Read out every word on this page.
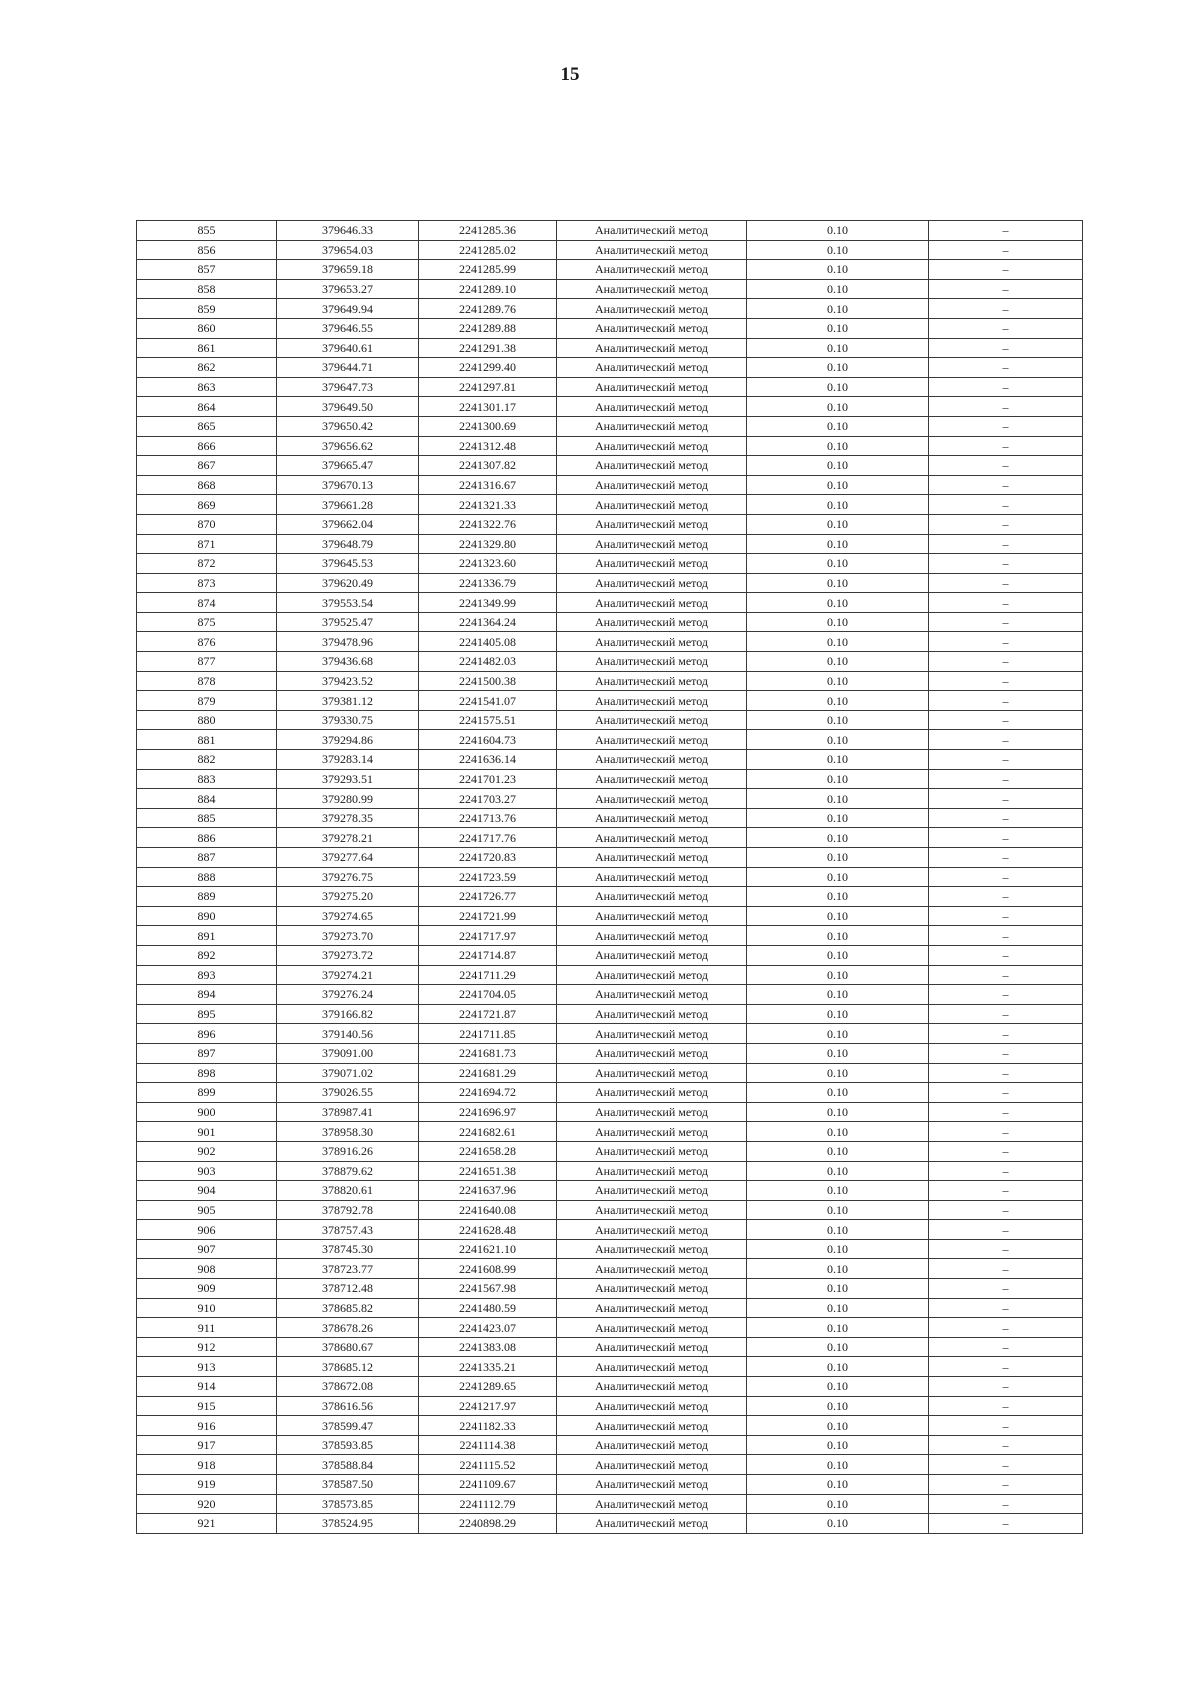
15
855	379646.33	2241285.36	Аналитический метод	0.10	–
856	379654.03	2241285.02	Аналитический метод	0.10	–
857	379659.18	2241285.99	Аналитический метод	0.10	–
858	379653.27	2241289.10	Аналитический метод	0.10	–
859	379649.94	2241289.76	Аналитический метод	0.10	–
860	379646.55	2241289.88	Аналитический метод	0.10	–
861	379640.61	2241291.38	Аналитический метод	0.10	–
862	379644.71	2241299.40	Аналитический метод	0.10	–
863	379647.73	2241297.81	Аналитический метод	0.10	–
864	379649.50	2241301.17	Аналитический метод	0.10	–
865	379650.42	2241300.69	Аналитический метод	0.10	–
866	379656.62	2241312.48	Аналитический метод	0.10	–
867	379665.47	2241307.82	Аналитический метод	0.10	–
868	379670.13	2241316.67	Аналитический метод	0.10	–
869	379661.28	2241321.33	Аналитический метод	0.10	–
870	379662.04	2241322.76	Аналитический метод	0.10	–
871	379648.79	2241329.80	Аналитический метод	0.10	–
872	379645.53	2241323.60	Аналитический метод	0.10	–
873	379620.49	2241336.79	Аналитический метод	0.10	–
874	379553.54	2241349.99	Аналитический метод	0.10	–
875	379525.47	2241364.24	Аналитический метод	0.10	–
876	379478.96	2241405.08	Аналитический метод	0.10	–
877	379436.68	2241482.03	Аналитический метод	0.10	–
878	379423.52	2241500.38	Аналитический метод	0.10	–
879	379381.12	2241541.07	Аналитический метод	0.10	–
880	379330.75	2241575.51	Аналитический метод	0.10	–
881	379294.86	2241604.73	Аналитический метод	0.10	–
882	379283.14	2241636.14	Аналитический метод	0.10	–
883	379293.51	2241701.23	Аналитический метод	0.10	–
884	379280.99	2241703.27	Аналитический метод	0.10	–
885	379278.35	2241713.76	Аналитический метод	0.10	–
886	379278.21	2241717.76	Аналитический метод	0.10	–
887	379277.64	2241720.83	Аналитический метод	0.10	–
888	379276.75	2241723.59	Аналитический метод	0.10	–
889	379275.20	2241726.77	Аналитический метод	0.10	–
890	379274.65	2241721.99	Аналитический метод	0.10	–
891	379273.70	2241717.97	Аналитический метод	0.10	–
892	379273.72	2241714.87	Аналитический метод	0.10	–
893	379274.21	2241711.29	Аналитический метод	0.10	–
894	379276.24	2241704.05	Аналитический метод	0.10	–
895	379166.82	2241721.87	Аналитический метод	0.10	–
896	379140.56	2241711.85	Аналитический метод	0.10	–
897	379091.00	2241681.73	Аналитический метод	0.10	–
898	379071.02	2241681.29	Аналитический метод	0.10	–
899	379026.55	2241694.72	Аналитический метод	0.10	–
900	378987.41	2241696.97	Аналитический метод	0.10	–
901	378958.30	2241682.61	Аналитический метод	0.10	–
902	378916.26	2241658.28	Аналитический метод	0.10	–
903	378879.62	2241651.38	Аналитический метод	0.10	–
904	378820.61	2241637.96	Аналитический метод	0.10	–
905	378792.78	2241640.08	Аналитический метод	0.10	–
906	378757.43	2241628.48	Аналитический метод	0.10	–
907	378745.30	2241621.10	Аналитический метод	0.10	–
908	378723.77	2241608.99	Аналитический метод	0.10	–
909	378712.48	2241567.98	Аналитический метод	0.10	–
910	378685.82	2241480.59	Аналитический метод	0.10	–
911	378678.26	2241423.07	Аналитический метод	0.10	–
912	378680.67	2241383.08	Аналитический метод	0.10	–
913	378685.12	2241335.21	Аналитический метод	0.10	–
914	378672.08	2241289.65	Аналитический метод	0.10	–
915	378616.56	2241217.97	Аналитический метод	0.10	–
916	378599.47	2241182.33	Аналитический метод	0.10	–
917	378593.85	2241114.38	Аналитический метод	0.10	–
918	378588.84	2241115.52	Аналитический метод	0.10	–
919	378587.50	2241109.67	Аналитический метод	0.10	–
920	378573.85	2241112.79	Аналитический метод	0.10	–
921	378524.95	2240898.29	Аналитический метод	0.10	–
